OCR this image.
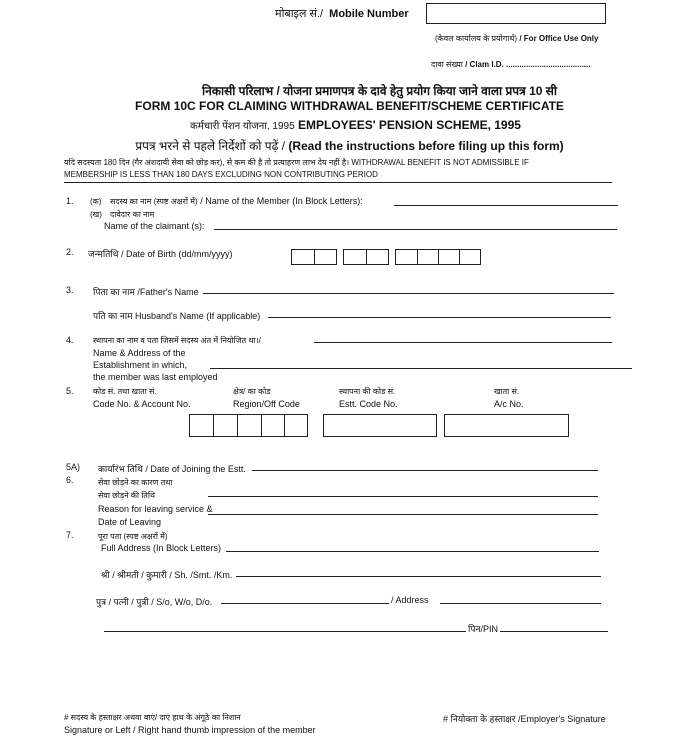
मोबाइल सं./ Mobile Number
(केवल कार्यालय के प्रयोगार्थ) / For Office Use Only
दावा संख्या / Clam I.D. ......................................
निकासी परिलाभ / योजना प्रमाणपत्र के दावे हेतु प्रयोग किया जाने वाला प्रपत्र 10 सी
FORM 10C FOR CLAIMING WITHDRAWAL BENEFIT/SCHEME CERTIFICATE
कर्मचारी पेंशन योजना, 1995 EMPLOYEES' PENSION SCHEME, 1995
प्रपत्र भरने से पहले निर्देशों को पढ़ें / (Read the instructions before filing up this form)
यदि सदस्यता 180 दिन (गैर अंशदायी सेवा को छोड़ कर), से कम की है तो प्रत्याहरण लाभ देय नहीं है। WITHDRAWAL BENEFIT IS NOT ADMISSIBLE IF
MEMBERSHIP IS LESS THAN 180 DAYS EXCLUDING NON CONTRIBUTING PERIOD
1. (क) सदस्य का नाम (स्पष्ट अक्षरों में) / Name of the Member (In Block Letters):
(ख) दावेदार का नाम
Name of the claimant (s):
2. जन्मतिथि / Date of Birth (dd/mm/yyyy)
3. पिता का नाम /Father's Name
पति का नाम Husband's Name (If applicable)
4. स्थापना का नाम व पता जिसमें सदस्य अंत में नियोजित था।/
Name & Address of the
Establishment in which,
the member was last employed
5. कोड सं. तथा खाता सं.
Code No. & Account No.
क्षेत्र/ का कोड
Region/Off Code
स्थापना की कोड सं.
Estt. Code No.
खाता सं.
A/c No.
5A) कार्यारंभ तिथि / Date of Joining the Estt.
6.	सेवा छोड़ने का कारण तथा
सेवा छोड़ने की तिथि
Reason for leaving service &
Date of Leaving
7.	पूरा पता (स्पष्ट अक्षरों में)
Full Address (In Block Letters)
श्री / श्रीमती / कुमारी / Sh. /Smt. /Km.
पुत्र / पत्नी / पुत्री / S/o, W/o, D/o.	/ Address
पिन/PIN
# सदस्य के हस्ताक्षर अथवा बाएं/ दाएं हाथ के अंगूठे का निशान
Signature or Left / Right hand thumb impression of the member
# नियोक्ता के हस्ताक्षर /Employer's Signature
